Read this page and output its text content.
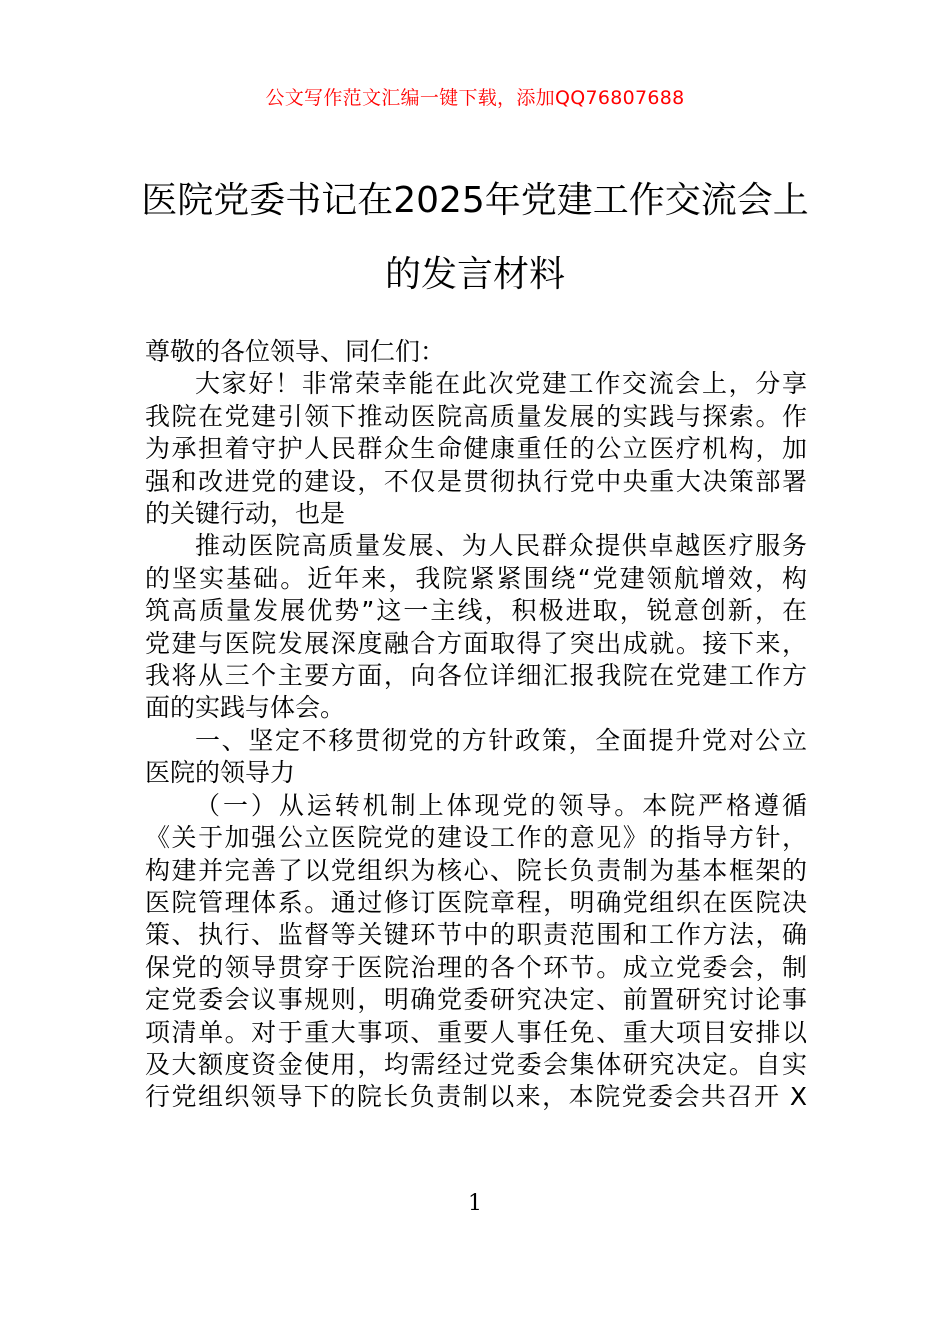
公文写作范文汇编一键下载，添加QQ76807688
医院党委书记在2025年党建工作交流会上
的发言材料

尊敬的各位领导、同仁们：

大家好！非常荣幸能在此次党建工作交流会上，分享
我院在党建引领下推动医院高质量发展的实践与探索。作
为承担着守护人民群众生命健康重任的公立医疗机构，加
强和改进党的建设，不仅是贯彻执行党中央重大决策部署
的关键行动，也是

推动医院高质量发展、为人民群众提供卓越医疗服务
的坚实基础。近年来，我院紧紧围绕“党建领航增效，构
筑高质量发展优势”这一主线，积极进取，锐意创新，在
党建与医院发展深度融合方面取得了突出成就。接下来，
我将从三个主要方面，向各位详细汇报我院在党建工作方
面的实践与体会。

一、坚定不移贯彻党的方针政策，全面提升党对公立
医院的领导力

（一）从运转机制上体现党的领导。本院严格遵循
《关于加强公立医院党的建设工作的意见》的指导方针，
构建并完善了以党组织为核心、院长负责制为基本框架的
医院管理体系。通过修订医院章程，明确党组织在医院决
策、执行、监督等关键环节中的职责范围和工作方法，确
保党的领导贯穿于医院治理的各个环节。成立党委会，制
定党委会议事规则，明确党委研究决定、前置研究讨论事
项清单。对于重大事项、重要人事任免、重大项目安排以
及大额度资金使用，均需经过党委会集体研究决定。自实
行党组织领导下的院长负责制以来，本院党委会共召开 X

1
